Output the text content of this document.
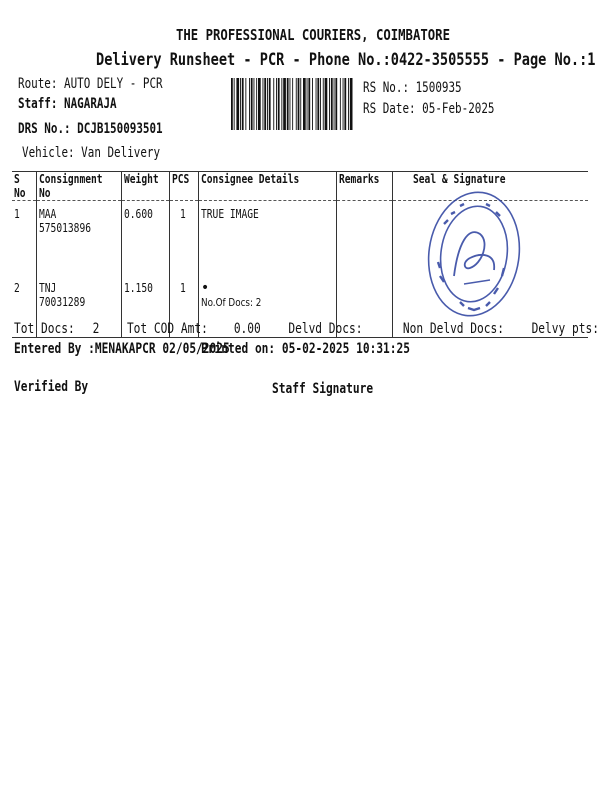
THE PROFESSIONAL COURIERS, COIMBATORE
Delivery Runsheet - PCR - Phone No.:0422-3505555 - Page No.:1
Route: AUTO DELY - PCR
Staff: NAGARAJA
DRS No.: DCJB150093501
Vehicle: Van Delivery
RS No.: 1500935
RS Date: 05-Feb-2025
S No	Consignment No	Weight	PCS	Consignee Details	Remarks	Seal & Signature
1	MAA 575013896	0.600	1	TRUE IMAGE		
2	TNJ 70031289	1.150	1	•
No.Of Docs: 2		
Tot Docs: 2 Tot COD Amt: 0.00 Delvd Docs:	Non Delvd Docs: Delvy pts:
Entered By :MENAKAPCR 02/05/2025
Printed on: 05-02-2025 10:31:25
Verified By	Staff Signature
